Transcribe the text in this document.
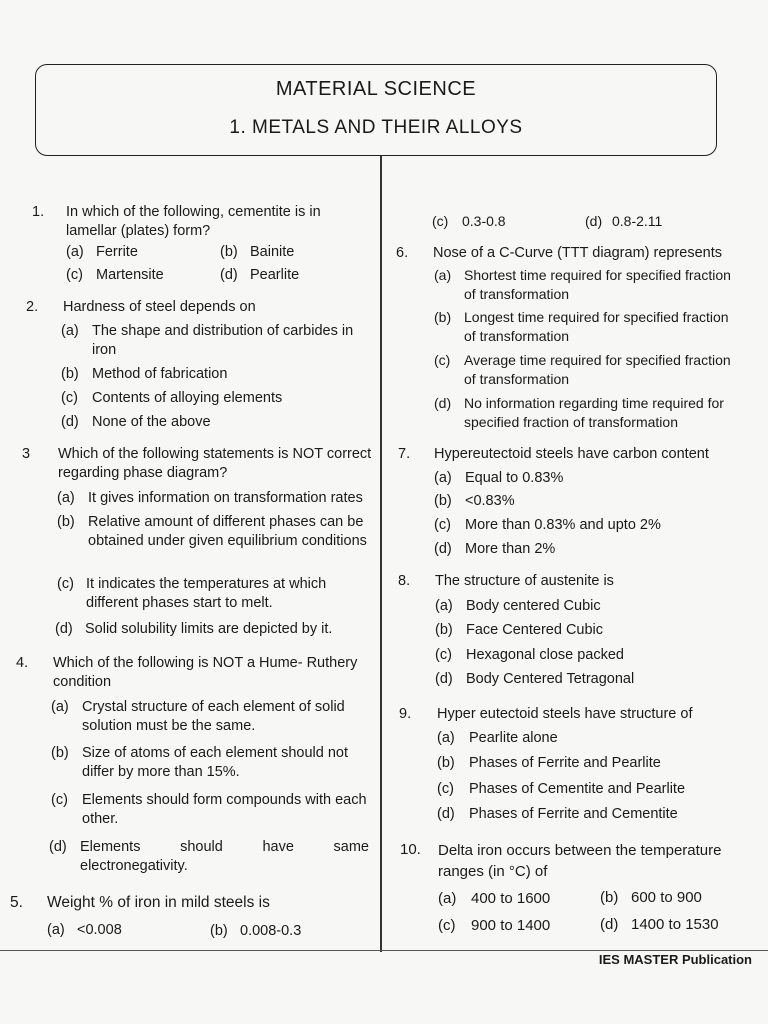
MATERIAL SCIENCE
1. METALS AND THEIR ALLOYS
1. In which of the following, cementite is in lamellar (plates) form?
(a) Ferrite	(b) Bainite
(c) Martensite	(d) Pearlite
2. Hardness of steel depends on
(a) The shape and distribution of carbides in iron
(b) Method of fabrication
(c) Contents of alloying elements
(d) None of the above
3 Which of the following statements is NOT correct regarding phase diagram?
(a) It gives information on transformation rates
(b) Relative amount of different phases can be obtained under given equilibrium conditions
(c) It indicates the temperatures at which different phases start to melt.
(d) Solid solubility limits are depicted by it.
4. Which of the following is NOT a Hume- Ruthery condition
(a) Crystal structure of each element of solid solution must be the same.
(b) Size of atoms of each element should not differ by more than 15%.
(c) Elements should form compounds with each other.
(d) Elements should have same electronegativity.
5. Weight % of iron in mild steels is
(a) <0.008	(b) 0.008-0.3
(c) 0.3-0.8	(d) 0.8-2.11
6. Nose of a C-Curve (TTT diagram) represents
(a) Shortest time required for specified fraction of transformation
(b) Longest time required for specified fraction of transformation
(c) Average time required for specified fraction of transformation
(d) No information regarding time required for specified fraction of transformation
7. Hypereutectoid steels have carbon content
(a) Equal to 0.83%
(b) <0.83%
(c) More than 0.83% and upto 2%
(d) More than 2%
8. The structure of austenite is
(a) Body centered Cubic
(b) Face Centered Cubic
(c) Hexagonal close packed
(d) Body Centered Tetragonal
9. Hyper eutectoid steels have structure of
(a) Pearlite alone
(b) Phases of Ferrite and Pearlite
(c) Phases of Cementite and Pearlite
(d) Phases of Ferrite and Cementite
10. Delta iron occurs between the temperature ranges (in °C) of
(a) 400 to 1600	(b) 600 to 900
(c) 900 to 1400	(d) 1400 to 1530
IES MASTER Publication
